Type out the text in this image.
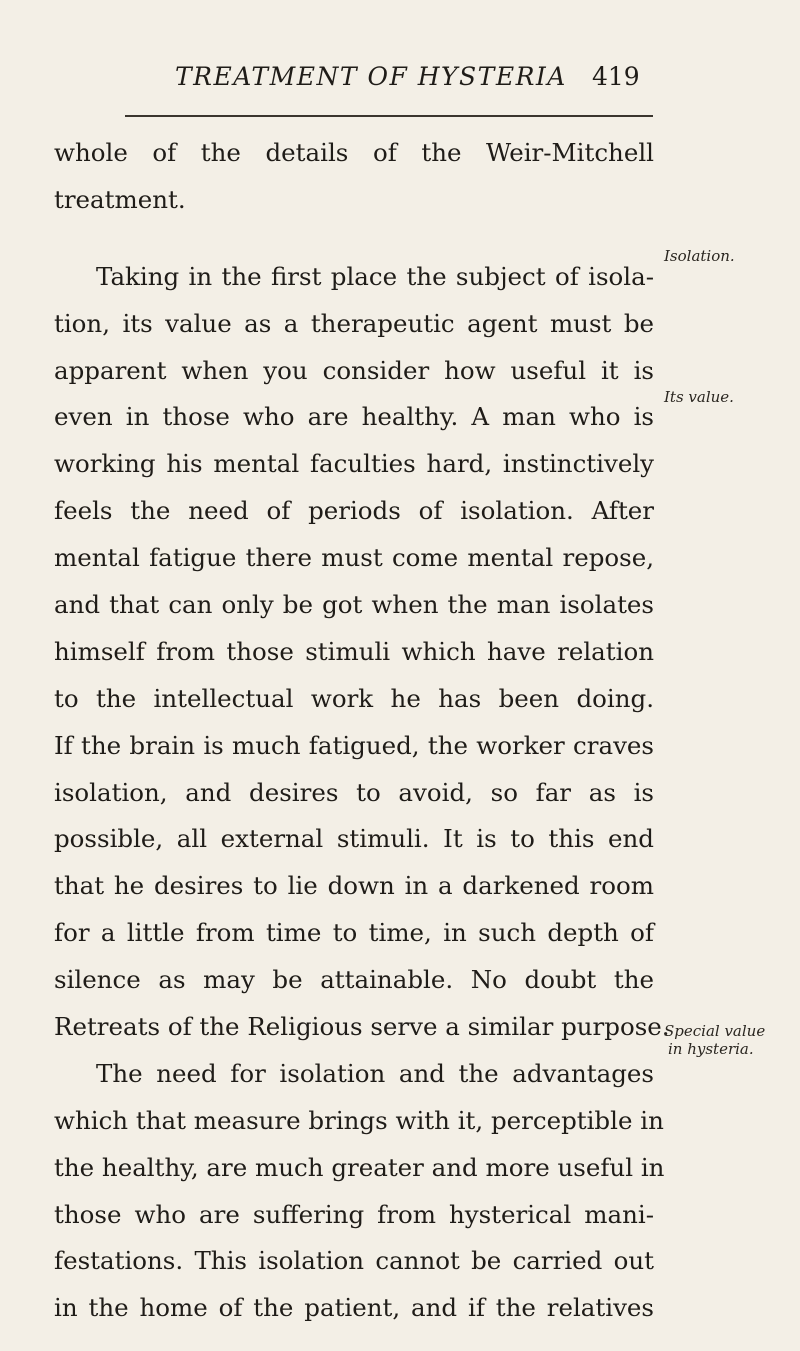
TREATMENT OF HYSTERIA 419
whole of the details of the Weir-Mitchell
treatment.
Taking in the first place the subject of isola-
tion, its value as a therapeutic agent must be
apparent when you consider how useful it is
even in those who are healthy. A man who is
working his mental faculties hard, instinctively
feels the need of periods of isolation. After
mental fatigue there must come mental repose,
and that can only be got when the man isolates
himself from those stimuli which have relation
to the intellectual work he has been doing.
If the brain is much fatigued, the worker craves
isolation, and desires to avoid, so far as is
possible, all external stimuli. It is to this end
that he desires to lie down in a darkened room
for a little from time to time, in such depth of
silence as may be attainable. No doubt the
Retreats of the Religious serve a similar purpose.
The need for isolation and the advantages
which that measure brings with it, perceptible in
the healthy, are much greater and more useful in
those who are suffering from hysterical mani-
festations. This isolation cannot be carried out
in the home of the patient, and if the relatives
Isolation.
Its value.
Special value
in hysteria.
